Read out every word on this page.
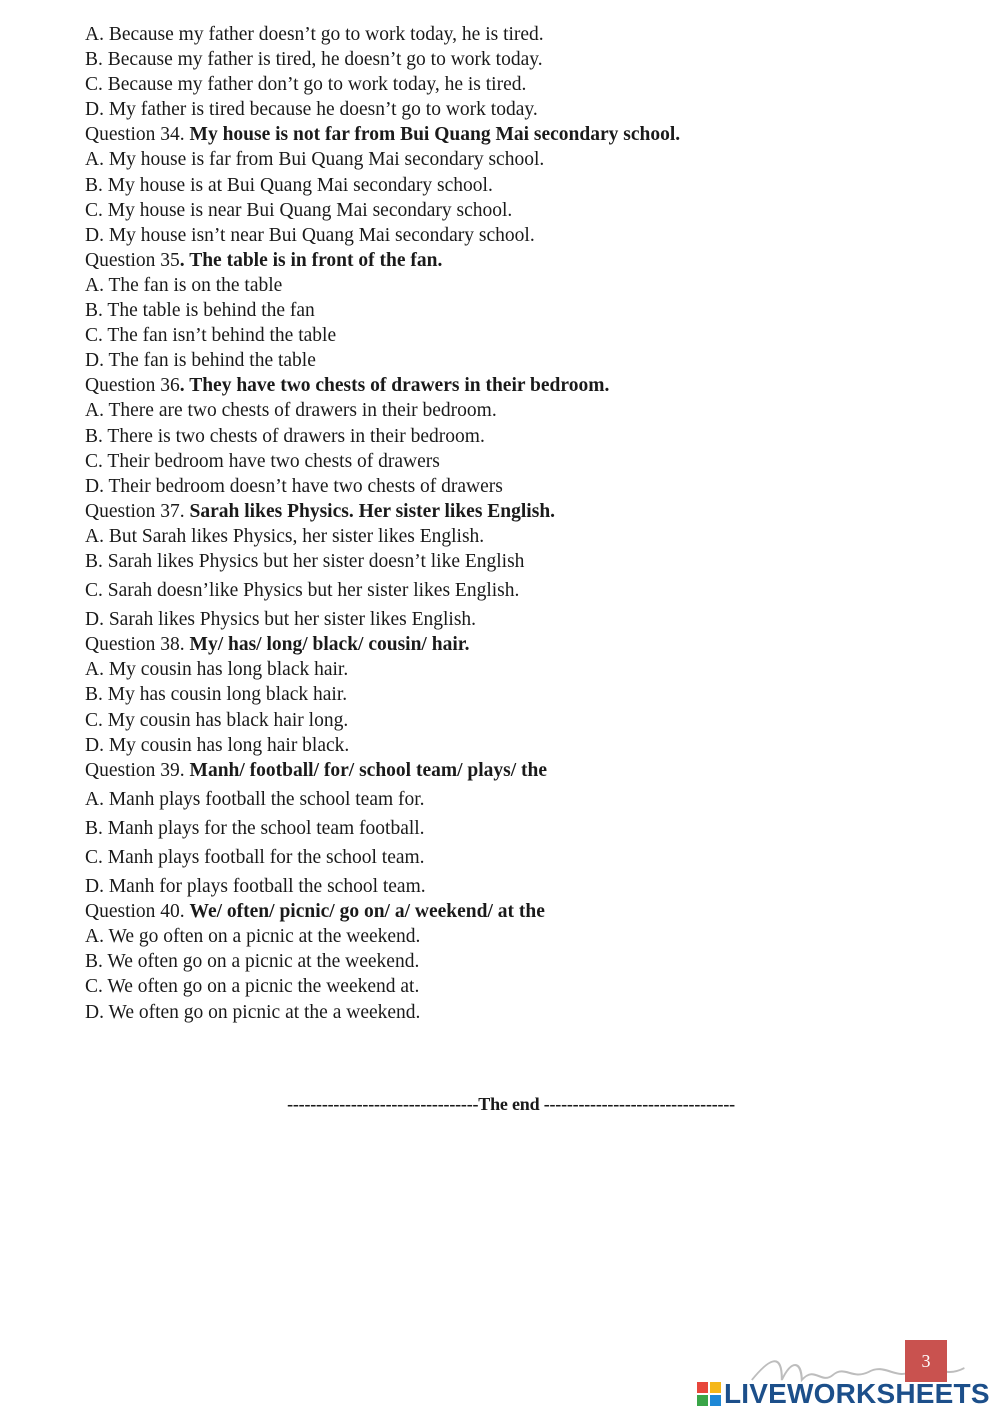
A. Because my father doesn’t go to work today, he is tired.
B. Because my father is tired, he doesn’t go to work today.
C. Because my father don’t go to work today, he is tired.
D. My father is tired because he doesn’t go to work today.
Question 34. My house is not far from Bui Quang Mai secondary school.
A. My house is far from Bui Quang Mai secondary school.
B. My house is at Bui Quang Mai secondary school.
C. My house is near Bui Quang Mai secondary school.
D. My house isn’t near Bui Quang Mai secondary school.
Question 35. The table is in front of the fan.
A. The fan is on the table
B. The table is behind the fan
C. The fan isn’t behind the table
D. The fan is behind the table
Question 36. They have two chests of drawers in their bedroom.
A. There are two chests of drawers in their bedroom.
B. There is two chests of drawers in their bedroom.
C. Their bedroom have two chests of drawers
D. Their bedroom doesn’t have two chests of drawers
Question 37. Sarah likes Physics. Her sister likes English.
A. But Sarah likes Physics, her sister likes English.
B. Sarah likes Physics but her sister doesn’t like English
C. Sarah doesn’like Physics but her sister likes English.
D. Sarah likes Physics but her sister likes English.
Question 38. My/ has/ long/ black/ cousin/ hair.
A. My cousin has long black hair.
B. My has cousin long black hair.
C. My cousin has black hair long.
D. My cousin has long hair black.
Question 39. Manh/ football/ for/ school team/ plays/ the
A. Manh plays football the school team for.
B. Manh plays for the school team football.
C. Manh plays football for the school team.
D. Manh for plays football the school team.
Question 40. We/ often/ picnic/ go on/ a/ weekend/ at the
A. We go often on a picnic at the weekend.
B. We often go on a picnic at the weekend.
C. We often go on a picnic the weekend at.
D. We often go on picnic at the a weekend.
---------------------------------The end ---------------------------------
3
LIVEWORKSHEETS
